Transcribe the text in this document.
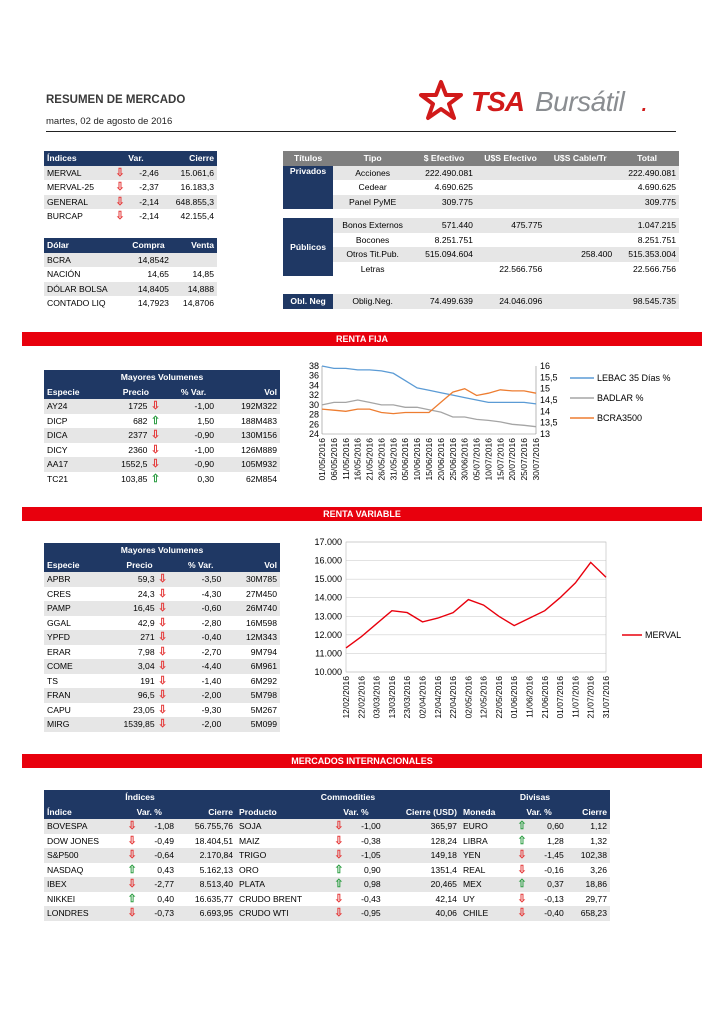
RESUMEN DE MERCADO
martes, 02 de agosto de 2016
TSA Bursátil .
Índices	Var.		Cierre
MERVAL	⇩	-2,46	15.061,6
MERVAL-25	⇩	-2,37	16.183,3
GENERAL	⇩	-2,14	648.855,3
BURCAP	⇩	-2,14	42.155,4
Dólar	Compra	Venta
BCRA	14,8542	
NACIÓN	14,65	14,85
DÓLAR BOLSA	14,8405	14,888
CONTADO LIQ	14,7923	14,8706
Títulos	Tipo	$ Efectivo	U$S Efectivo	U$S Cable/Tr	Total
Privados	Acciones	222.490.081			222.490.081
	Cedear	4.690.625			4.690.625
	Panel PyME	309.775			309.775

Públicos	Bonos Externos	571.440	475.775		1.047.215
	Bocones	8.251.751			8.251.751
	Otros Tit.Pub.	515.094.604		258.400	515.353.004
	Letras		22.566.756		22.566.756

Obl. Neg	Oblig.Neg.	74.499.639	24.046.096		98.545.735
RENTA FIJA
Mayores Volumenes				
Especie	Precio		% Var.	Vol
AY24	1725	⇩	-1,00	192M322
DICP	682	⇧	1,50	188M483
DICA	2377	⇩	-0,90	130M156
DICY	2360	⇩	-1,00	126M889
AA17	1552,5	⇩	-0,90	105M932
TC21	103,85	⇧	0,30	62M854
38
36
34
32
30
28
26
24
16
15,5
15
14,5
14
13,5
13
01/05/2016 06/05/2016 11/05/2016 16/05/2016 21/05/2016 26/05/2016 31/05/2016 05/06/2016 10/06/2016 15/06/2016 20/06/2016 25/06/2016 30/06/2016 05/07/2016 10/07/2016 15/07/2016 20/07/2016 25/07/2016 30/07/2016
LEBAC 35 Días %
BADLAR %
BCRA3500
RENTA VARIABLE
Mayores Volumenes				
Especie	Precio		% Var.	Vol
APBR	59,3	⇩	-3,50	30M785
CRES	24,3	⇩	-4,30	27M450
PAMP	16,45	⇩	-0,60	26M740
GGAL	42,9	⇩	-2,80	16M598
YPFD	271	⇩	-0,40	12M343
ERAR	7,98	⇩	-2,70	9M794
COME	3,04	⇩	-4,40	6M961
TS	191	⇩	-1,40	6M292
FRAN	96,5	⇩	-2,00	5M798
CAPU	23,05	⇩	-9,30	5M267
MIRG	1539,85	⇩	-2,00	5M099
17.000
16.000
15.000
14.000
13.000
12.000
11.000
10.000
12/02/2016 22/02/2016 03/03/2016 13/03/2016 23/03/2016 02/04/2016 12/04/2016 22/04/2016 02/05/2016 12/05/2016 22/05/2016 01/06/2016 11/06/2016 21/06/2016 01/07/2016 11/07/2016 21/07/2016 31/07/2016
MERVAL
MERCADOS INTERNACIONALES
Índices				Commodities				Divisas			
Índice	Var. %		Cierre	Producto	Var. %		Cierre (USD)	Moneda	Var. %		Cierre
BOVESPA	⇩	-1,08	56.755,76	SOJA	⇩	-1,00	365,97	EURO	⇧	0,60	1,12
DOW JONES	⇩	-0,49	18.404,51	MAIZ	⇩	-0,38	128,24	LIBRA	⇧	1,28	1,32
S&P500	⇩	-0,64	2.170,84	TRIGO	⇩	-1,05	149,18	YEN	⇩	-1,45	102,38
NASDAQ	⇧	0,43	5.162,13	ORO	⇧	0,90	1351,4	REAL	⇩	-0,16	3,26
IBEX	⇩	-2,77	8.513,40	PLATA	⇧	0,98	20,465	MEX	⇧	0,37	18,86
NIKKEI	⇧	0,40	16.635,77	CRUDO BRENT	⇩	-0,43	42,14	UY	⇩	-0,13	29,77
LONDRES	⇩	-0,73	6.693,95	CRUDO WTI	⇩	-0,95	40,06	CHILE	⇩	-0,40	658,23
